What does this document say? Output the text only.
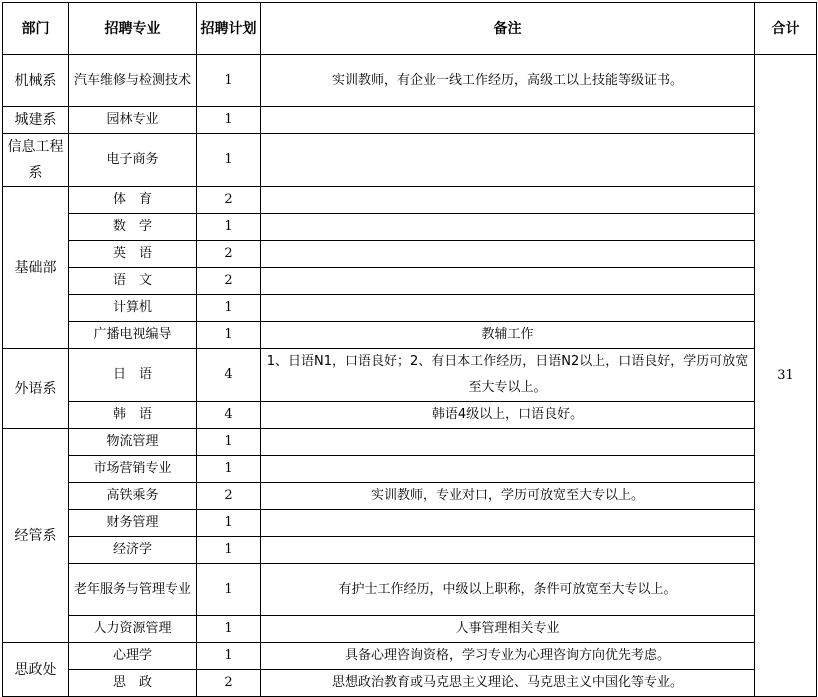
部门	招聘专业	招聘计划	备注	合计
机械系	汽车维修与检测技术	1	实训教师，有企业一线工作经历，高级工以上技能等级证书。	31
城建系	园林专业	1		
信息工程系	电子商务	1		
基础部	体　育	2		
	数　学	1		
	英　语	2		
	语　文	2		
	计算机	1		
	广播电视编导	1	教辅工作	
外语系	日　语	4	1、日语N1，口语良好；2、有日本工作经历，日语N2以上，口语良好，学历可放宽至大专以上。	
	韩　语	4	韩语4级以上，口语良好。	
经管系	物流管理	1		
	市场营销专业	1		
	高铁乘务	2	实训教师，专业对口，学历可放宽至大专以上。	
	财务管理	1		
	经济学	1		
	老年服务与管理专业	1	有护士工作经历，中级以上职称，条件可放宽至大专以上。	
	人力资源管理	1	人事管理相关专业	
思政处	心理学	1	具备心理咨询资格，学习专业为心理咨询方向优先考虑。	
	思　政	2	思想政治教育或马克思主义理论、马克思主义中国化等专业。	
